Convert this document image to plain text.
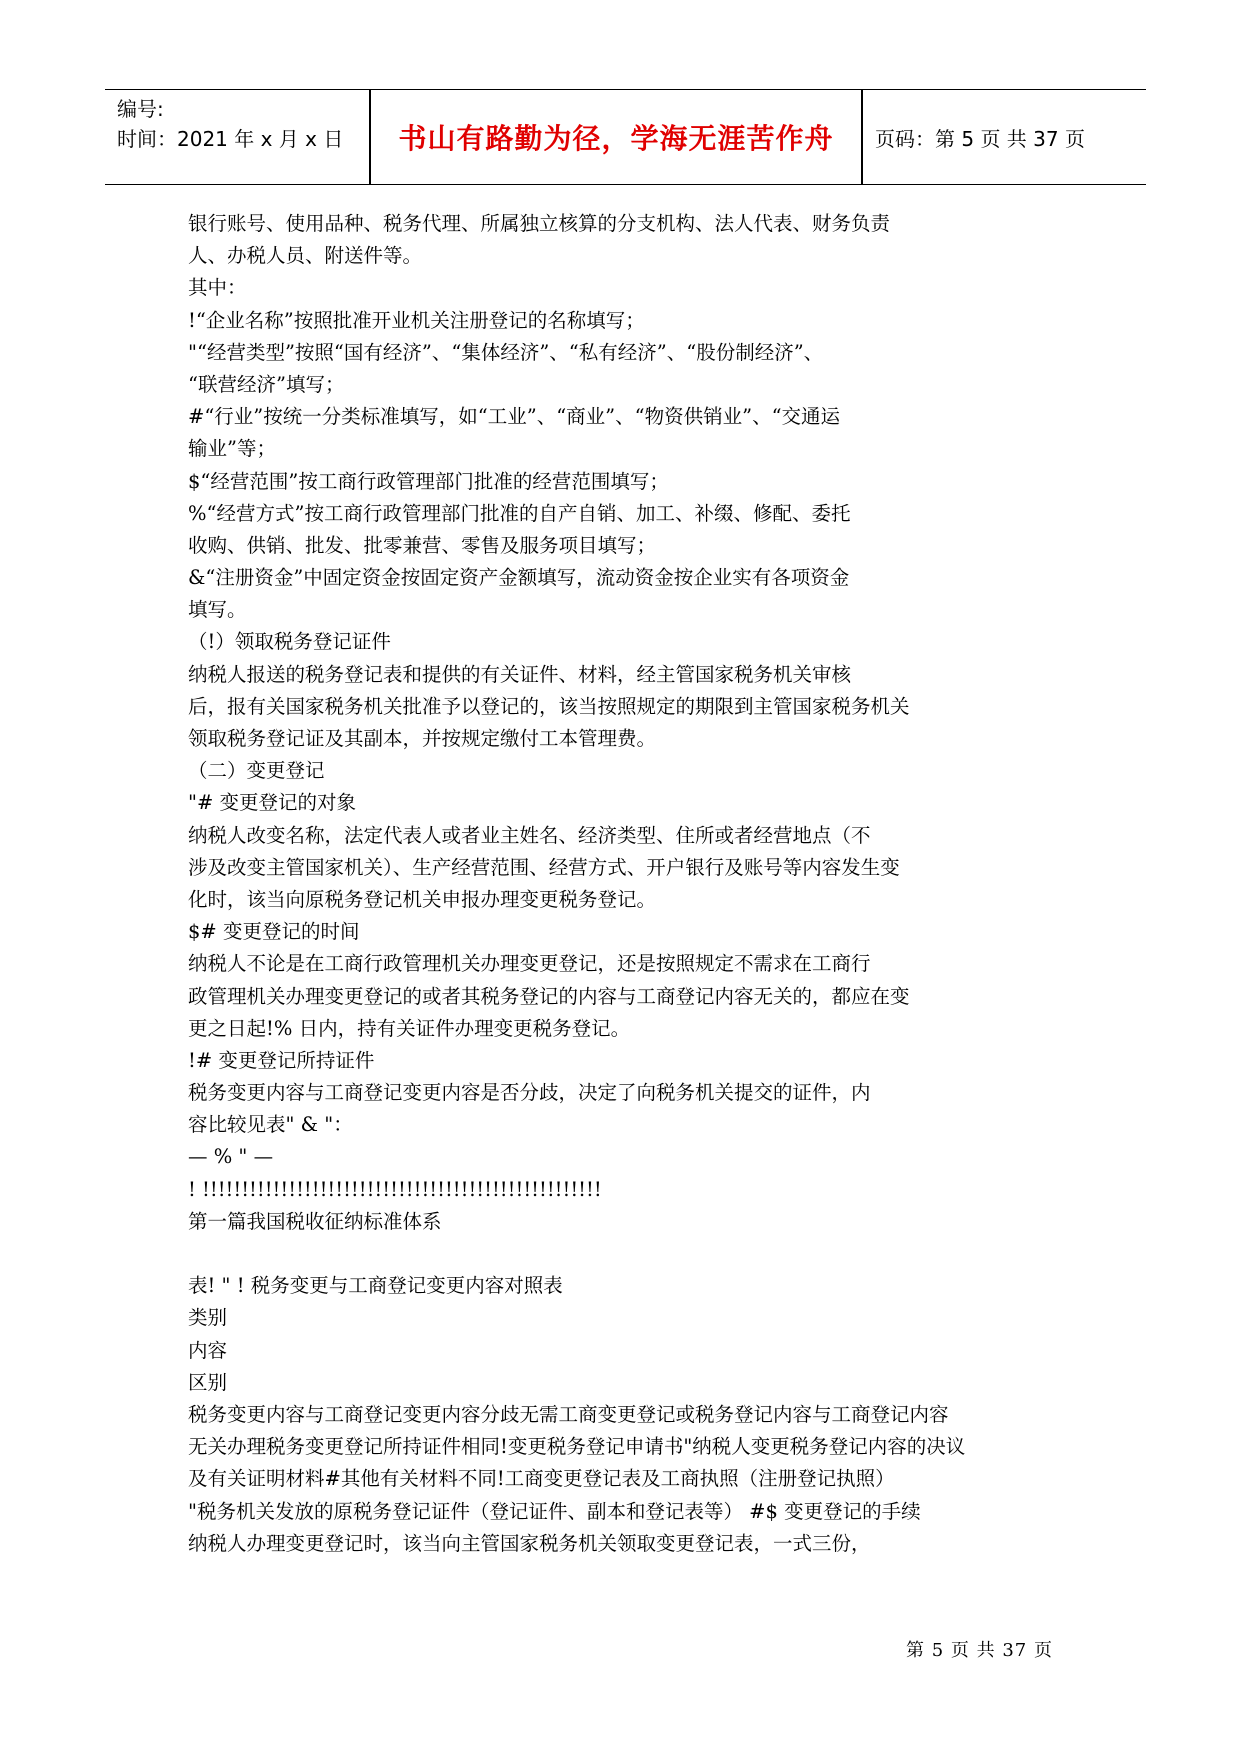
编号:
时间：2021 年 x 月 x 日	书山有路勤为径，学海无涯苦作舟	页码：第 5 页 共 37 页
银行账号、使用品种、税务代理、所属独立核算的分支机构、法人代表、财务负责
人、办税人员、附送件等。
其中：
!“企业名称”按照批准开业机关注册登记的名称填写；
"“经营类型”按照“国有经济”、“集体经济”、“私有经济”、“股份制经济”、
“联营经济”填写；
#“行业”按统一分类标准填写，如“工业”、“商业”、“物资供销业”、“交通运
输业”等；
$“经营范围”按工商行政管理部门批准的经营范围填写；
%“经营方式”按工商行政管理部门批准的自产自销、加工、补缀、修配、委托
收购、供销、批发、批零兼营、零售及服务项目填写；
&“注册资金”中固定资金按固定资产金额填写，流动资金按企业实有各项资金
填写。
（!）领取税务登记证件
纳税人报送的税务登记表和提供的有关证件、材料，经主管国家税务机关审核
后，报有关国家税务机关批准予以登记的，该当按照规定的期限到主管国家税务机关
领取税务登记证及其副本，并按规定缴付工本管理费。
（二）变更登记
"# 变更登记的对象
纳税人改变名称，法定代表人或者业主姓名、经济类型、住所或者经营地点（不
涉及改变主管国家机关）、生产经营范围、经营方式、开户银行及账号等内容发生变
化时，该当向原税务登记机关申报办理变更税务登记。
$# 变更登记的时间
纳税人不论是在工商行政管理机关办理变更登记，还是按照规定不需求在工商行
政管理机关办理变更登记的或者其税务登记的内容与工商登记内容无关的，都应在变
更之日起!% 日内，持有关证件办理变更税务登记。
!# 变更登记所持证件
税务变更内容与工商登记变更内容是否分歧，决定了向税务机关提交的证件，内
容比较见表" & "：
— % " —
! !!!!!!!!!!!!!!!!!!!!!!!!!!!!!!!!!!!!!!!!!!!!!!!!!!!
第一篇我国税收征纳标准体系
表! " ! 税务变更与工商登记变更内容对照表
类别
内容
区别
税务变更内容与工商登记变更内容分歧无需工商变更登记或税务登记内容与工商登记内容
无关办理税务变更登记所持证件相同!变更税务登记申请书"纳税人变更税务登记内容的决议
及有关证明材料#其他有关材料不同!工商变更登记表及工商执照（注册登记执照）
"税务机关发放的原税务登记证件（登记证件、副本和登记表等） #$ 变更登记的手续
纳税人办理变更登记时，该当向主管国家税务机关领取变更登记表，一式三份，
第 5 页 共 37 页
